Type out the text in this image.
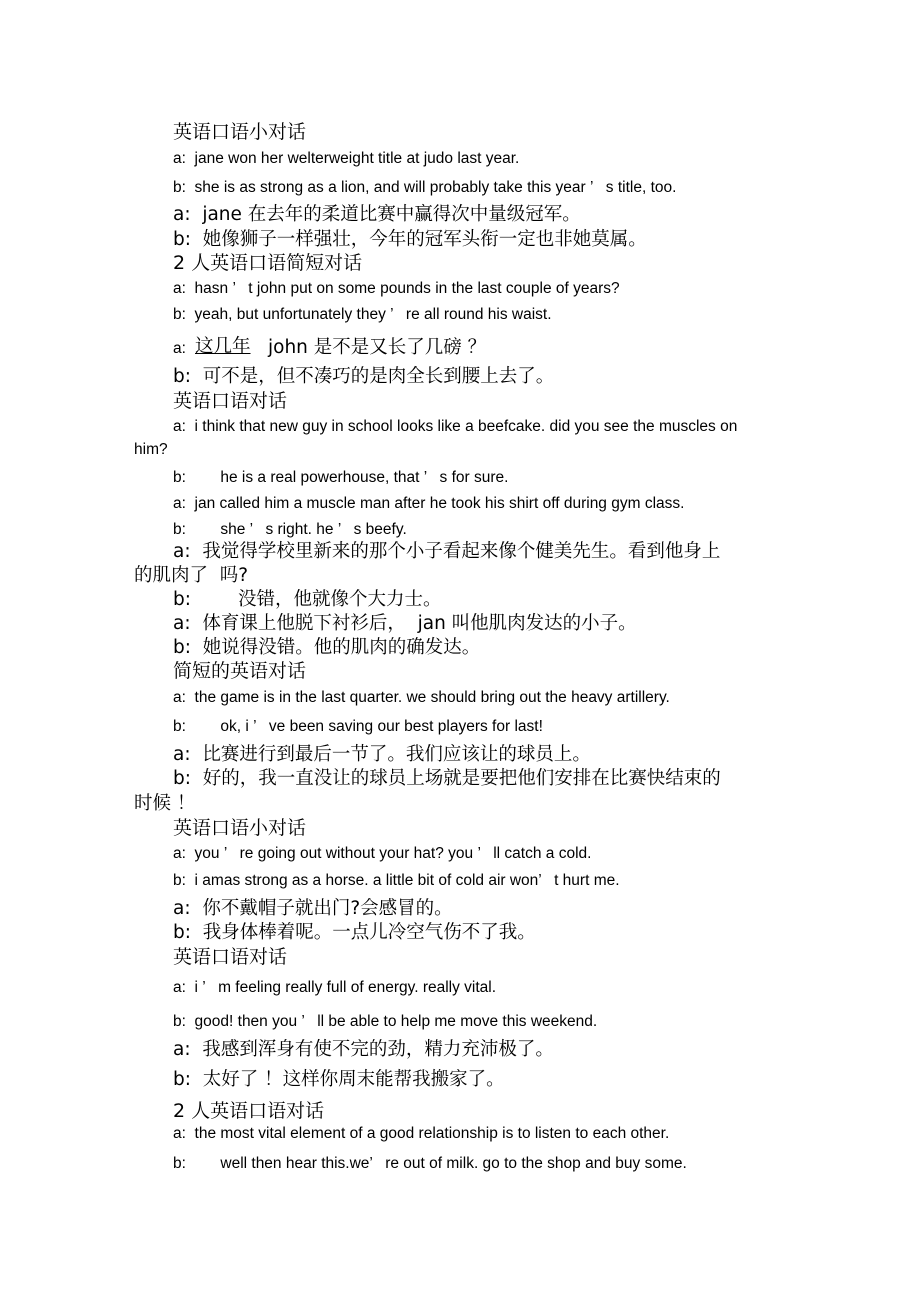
英语口语小对话
a:  jane won her welterweight title at judo last year.
b:  she is as strong as a lion, and will probably take this year ’   s title, too.
a:  jane 在去年的柔道比赛中赢得次中量级冠军。
b:  她像狮子一样强壮，今年的冠军头衔一定也非她莫属。
2 人英语口语简短对话
a:  hasn ’   t john put on some pounds in the last couple of years?
b:  yeah, but unfortunately they ’   re all round his waist.
a: 这几年 john 是不是又长了几磅 ？
b:  可不是，但不凑巧的是肉全长到腰上去了。
英语口语对话
a:  i think that new guy in school looks like a beefcake. did you see the muscles on
him?
b:        he is a real powerhouse, that ’   s for sure.
a:  jan called him a muscle man after he took his shirt off during gym class.
b:        she ’   s right. he ’   s beefy.
a:  我觉得学校里新来的那个小子看起来像个健美先生。看到他身上
的肌肉了  吗?
b:        没错，他就像个大力士。
a:  体育课上他脱下衬衫后，  jan 叫他肌肉发达的小子。
b:  她说得没错。他的肌肉的确发达。
简短的英语对话
a:  the game is in the last quarter. we should bring out the heavy artillery.
b:        ok, i ’   ve been saving our best players for last!
a:  比赛进行到最后一节了。我们应该让的球员上。
b:  好的，我一直没让的球员上场就是要把他们安排在比赛快结束的
时候 ！
英语口语小对话
a:  you ’   re going out without your hat? you ’   ll catch a cold.
b:  i amas strong as a horse. a little bit of cold air won’   t hurt me.
a:  你不戴帽子就出门?会感冒的。
b:  我身体棒着呢。一点儿冷空气伤不了我。
英语口语对话
a:  i ’   m feeling really full of energy. really vital.
b:  good! then you ’   ll be able to help me move this weekend.
a:  我感到浑身有使不完的劲，精力充沛极了。
b:  太好了 ！这样你周末能帮我搬家了。
2 人英语口语对话
a:  the most vital element of a good relationship is to listen to each other.
b:        well then hear this.we’   re out of milk. go to the shop and buy some.
